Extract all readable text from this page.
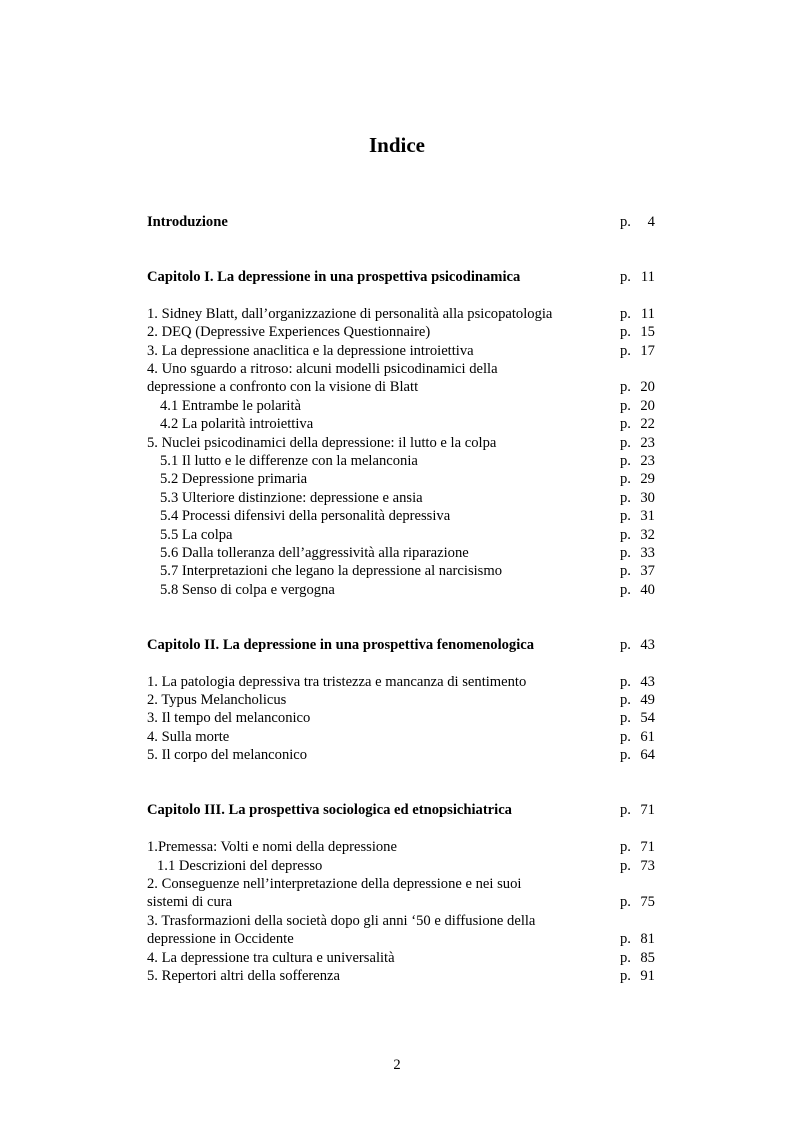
Indice
Introduzione	p. 4
Capitolo I. La depressione in una prospettiva psicodinamica	p. 11
1. Sidney Blatt, dall’organizzazione di personalità alla psicopatologia	p. 11
2. DEQ (Depressive Experiences Questionnaire)	p. 15
3. La depressione anaclitica e la depressione introiettiva	p. 17
4. Uno sguardo a ritroso: alcuni modelli psicodinamici della
depressione a confronto con la visione di Blatt	p. 20
4.1 Entrambe le polarità	p. 20
4.2 La polarità introiettiva	p. 22
5. Nuclei psicodinamici della depressione: il lutto e la colpa	p. 23
5.1 Il lutto e le differenze con la melanconia	p. 23
5.2 Depressione primaria	p. 29
5.3 Ulteriore distinzione: depressione e ansia	p. 30
5.4 Processi difensivi della personalità depressiva	p. 31
5.5 La colpa	p. 32
5.6 Dalla tolleranza dell’aggressività alla riparazione	p. 33
5.7 Interpretazioni che legano la depressione al narcisismo	p. 37
5.8 Senso di colpa e vergogna	p. 40
Capitolo II. La depressione in una prospettiva fenomenologica	p. 43
1. La patologia depressiva tra tristezza e mancanza di sentimento	p. 43
2. Typus Melancholicus	p. 49
3. Il tempo del melanconico	p. 54
4. Sulla morte	p. 61
5. Il corpo del melanconico	p. 64
Capitolo III. La prospettiva sociologica ed etnopsichiatrica	p. 71
1.Premessa: Volti e nomi della depressione	p. 71
1.1 Descrizioni del depresso	p. 73
2. Conseguenze nell’interpretazione della depressione e nei suoi
sistemi di cura	p. 75
3. Trasformazioni della società dopo gli anni ‘50 e diffusione della
depressione in Occidente	p. 81
4. La depressione tra cultura e universalità	p. 85
5. Repertori altri della sofferenza	p. 91
2
